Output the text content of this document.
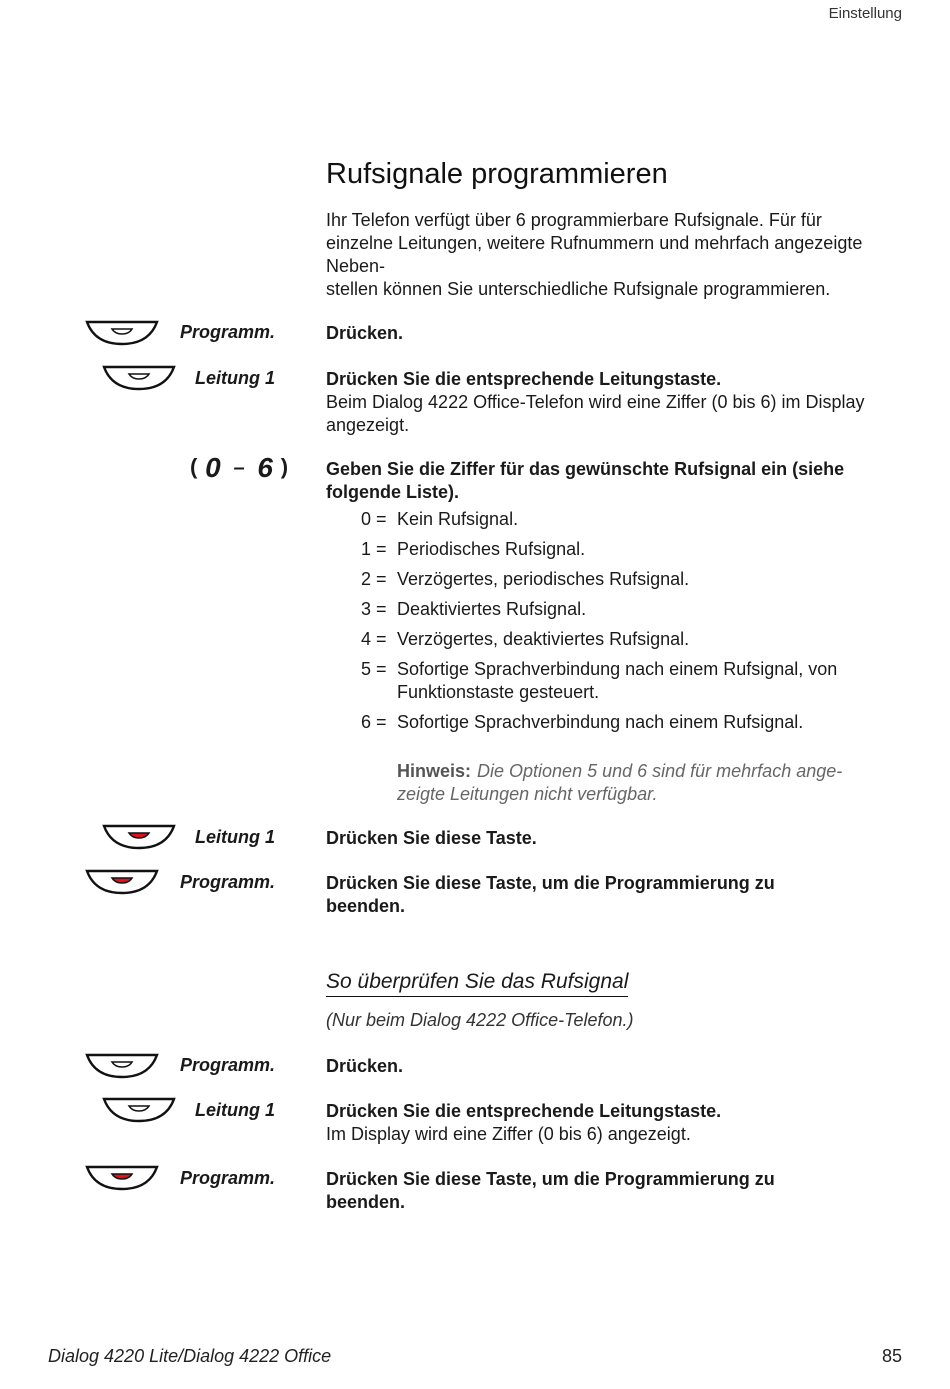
Einstellung
Rufsignale programmieren

Ihr Telefon verfügt über 6 programmierbare Rufsignale. Für für

einzelne Leitungen, weitere Rufnummern und mehrfach angezeigte

Neben-

stellen können Sie unterschiedliche Rufsignale programmieren.

Programm.	Drücken.
Leitung 1	Drücken Sie die entsprechende Leitungstaste.

Beim Dialog 4222 Office-Telefon wird eine Ziffer (0 bis 6) im Display

angezeigt.

( 0 – 6 ) Geben Sie die Ziffer für das gewünschte Rufsignal ein (siehe

folgende Liste).

0 = Kein Rufsignal.
1 = Periodisches Rufsignal.
2 = Verzögertes, periodisches Rufsignal.
3 = Deaktiviertes Rufsignal.
4 = Verzögertes, deaktiviertes Rufsignal.
5 = Sofortige Sprachverbindung nach einem Rufsignal, von
Funktionstaste gesteuert.
6 = Sofortige Sprachverbindung nach einem Rufsignal.
Hinweis: Die Optionen 5 und 6 sind für mehrfach ange-
zeigte Leitungen nicht verfügbar.
Leitung 1	Drücken Sie diese Taste.
Programm.	Drücken Sie diese Taste, um die Programmierung zu

beenden.

So überprüfen Sie das Rufsignal
(Nur beim Dialog 4222 Office-Telefon.)
Programm.	Drücken.
Leitung 1	Drücken Sie die entsprechende Leitungstaste.

Im Display wird eine Ziffer (0 bis 6) angezeigt.

Programm.	Drücken Sie diese Taste, um die Programmierung zu

beenden.

Dialog 4220 Lite/Dialog 4222 Office	85
